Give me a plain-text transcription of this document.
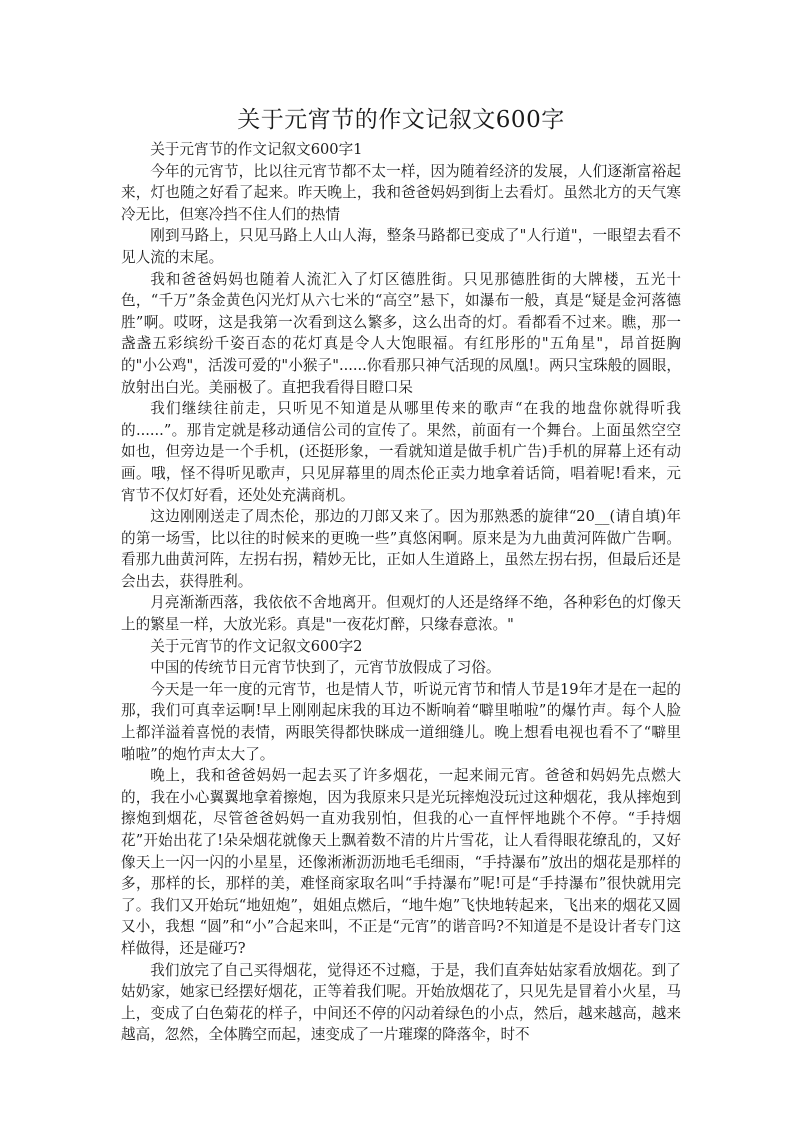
关于元宵节的作文记叙文600字

关于元宵节的作文记叙文600字1

今年的元宵节，比以往元宵节都不太一样，因为随着经济的发展，人们逐渐富裕起来，灯也随之好看了起来。昨天晚上，我和爸爸妈妈到街上去看灯。虽然北方的天气寒冷无比，但寒冷挡不住人们的热情

刚到马路上，只见马路上人山人海，整条马路都已变成了"人行道"，一眼望去看不见人流的末尾。

我和爸爸妈妈也随着人流汇入了灯区德胜街。只见那德胜街的大牌楼，五光十色，“千万”条金黄色闪光灯从六七米的“高空”悬下，如瀑布一般，真是“疑是金河落德胜”啊。哎呀，这是我第一次看到这么繁多，这么出奇的灯。看都看不过来。瞧，那一盏盏五彩缤纷千姿百态的花灯真是令人大饱眼福。有红彤彤的"五角星"，昂首挺胸的"小公鸡"，活泼可爱的"小猴子"......你看那只神气活现的凤凰!。两只宝珠般的圆眼，放射出白光。美丽极了。直把我看得目瞪口呆

我们继续往前走，只听见不知道是从哪里传来的歌声“在我的地盘你就得听我的......”。那肯定就是移动通信公司的宣传了。果然，前面有一个舞台。上面虽然空空如也，但旁边是一个手机，(还挺形象，一看就知道是做手机广告)手机的屏幕上还有动画。哦，怪不得听见歌声，只见屏幕里的周杰伦正卖力地拿着话筒，唱着呢!看来，元宵节不仅灯好看，还处处充满商机。

这边刚刚送走了周杰伦，那边的刀郎又来了。因为那熟悉的旋律“20__(请自填)年的第一场雪，比以往的时候来的更晚一些”真悠闲啊。原来是为九曲黄河阵做广告啊。看那九曲黄河阵，左拐右拐，精妙无比，正如人生道路上，虽然左拐右拐，但最后还是会出去，获得胜利。

月亮渐渐西落，我依依不舍地离开。但观灯的人还是络绎不绝，各种彩色的灯像天上的繁星一样，大放光彩。真是"一夜花灯醉，只缘春意浓。"

关于元宵节的作文记叙文600字2

中国的传统节日元宵节快到了，元宵节放假成了习俗。

今天是一年一度的元宵节，也是情人节，听说元宵节和情人节是19年才是在一起的那，我们可真幸运啊!早上刚刚起床我的耳边不断响着“噼里啪啦”的爆竹声。每个人脸上都洋溢着喜悦的表情，两眼笑得都快眯成一道细缝儿。晚上想看电视也看不了“噼里啪啦”的炮竹声太大了。

晚上，我和爸爸妈妈一起去买了许多烟花，一起来闹元宵。爸爸和妈妈先点燃大的，我在小心翼翼地拿着擦炮，因为我原来只是光玩摔炮没玩过这种烟花，我从摔炮到擦炮到烟花，尽管爸爸妈妈一直劝我别怕，但我的心一直怦怦地跳个不停。“手持烟花”开始出花了!朵朵烟花就像天上飘着数不清的片片雪花，让人看得眼花缭乱的，又好像天上一闪一闪的小星星，还像淅淅沥沥地毛毛细雨，“手持瀑布”放出的烟花是那样的多，那样的长，那样的美，难怪商家取名叫“手持瀑布”呢!可是“手持瀑布”很快就用完了。我们又开始玩“地妞炮”，姐姐点燃后，“地牛炮”飞快地转起来，飞出来的烟花又圆又小，我想 “圆”和“小”合起来叫，不正是“元宵”的谐音吗?不知道是不是设计者专门这样做得，还是碰巧?

我们放完了自己买得烟花，觉得还不过瘾，于是，我们直奔姑姑家看放烟花。到了姑奶家，她家已经摆好烟花，正等着我们呢。开始放烟花了，只见先是冒着小火星，马上，变成了白色菊花的样子，中间还不停的闪动着绿色的小点，然后，越来越高，越来越高，忽然，全体腾空而起，速变成了一片璀璨的降落伞，时不
